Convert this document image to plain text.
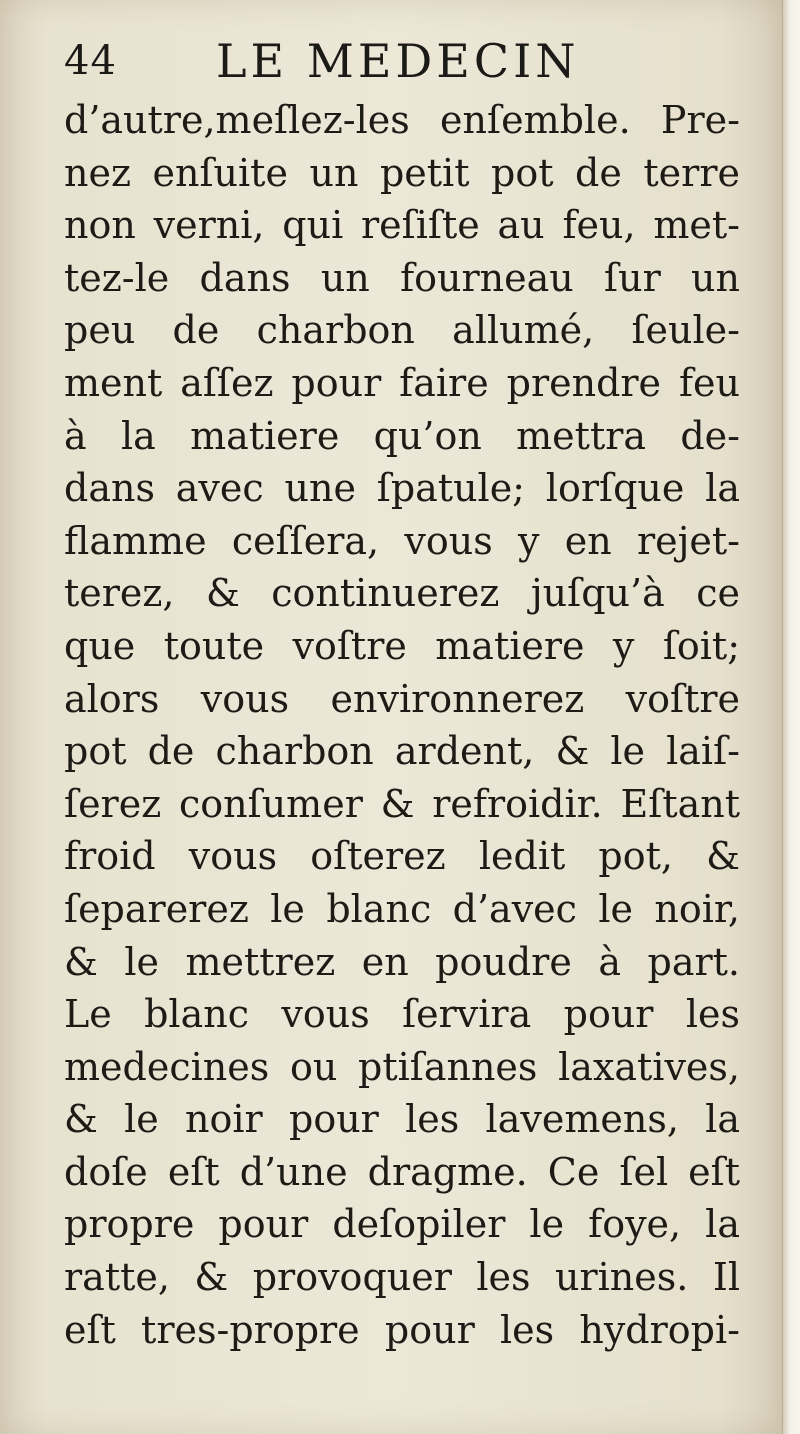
44 LE MEDECIN
d’autre,meſlez-les enſemble. Pre-
nez enſuite un petit pot de terre
non verni, qui reſiſte au feu, met-
tez-le dans un fourneau ſur un
peu de charbon allumé, ſeule-
ment aſſez pour faire prendre feu
à la matiere qu’on mettra de-
dans avec une ſpatule; lorſque la
flamme ceſſera, vous y en rejet-
terez, & continuerez juſqu’à ce
que toute voſtre matiere y ſoit;
alors vous environnerez voſtre
pot de charbon ardent, & le laiſ-
ſerez conſumer & refroidir. Eſtant
froid vous oſterez ledit pot, &
ſeparerez le blanc d’avec le noir,
& le mettrez en poudre à part.
Le blanc vous ſervira pour les
medecines ou ptiſannes laxatives,
& le noir pour les lavemens, la
doſe eſt d’une dragme. Ce ſel eſt
propre pour deſopiler le foye, la
ratte, & provoquer les urines. Il
eſt tres-propre pour les hydropi-
